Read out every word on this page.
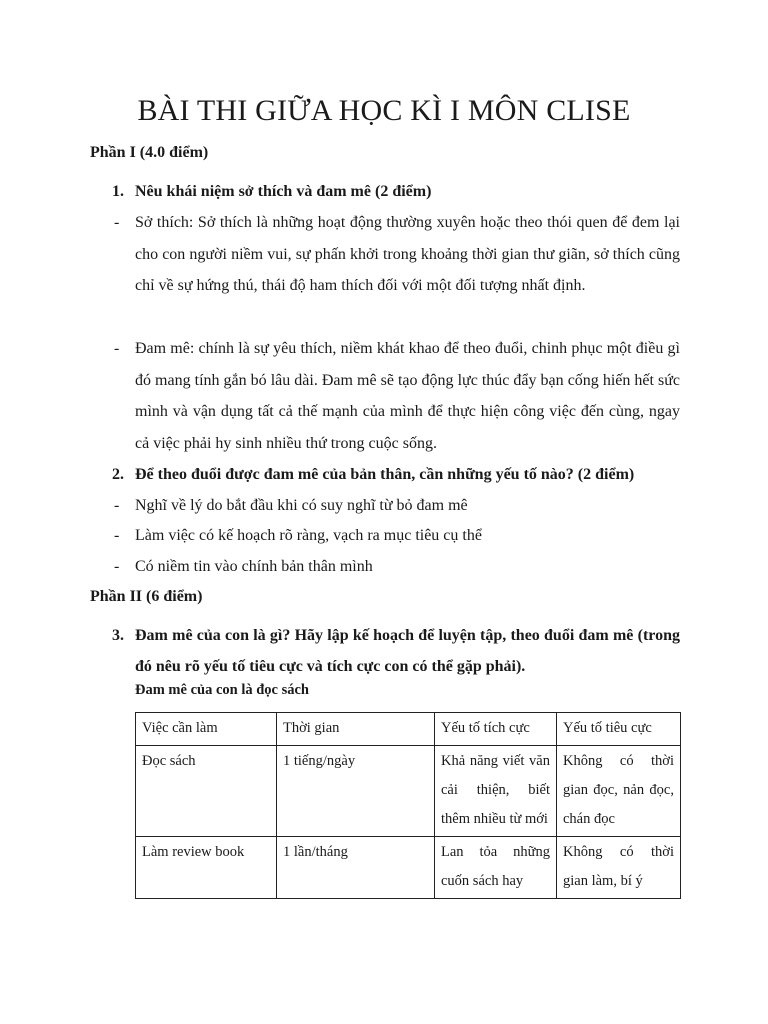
BÀI THI GIỮA HỌC KÌ I MÔN CLISE
Phần I (4.0 điểm)
1. Nêu khái niệm sở thích và đam mê (2 điểm)
- Sở thích: Sở thích là những hoạt động thường xuyên hoặc theo thói quen để đem lại cho con người niềm vui, sự phấn khởi trong khoảng thời gian thư giãn, sở thích cũng chỉ về sự hứng thú, thái độ ham thích đối với một đối tượng nhất định.
- Đam mê: chính là sự yêu thích, niềm khát khao để theo đuổi, chinh phục một điều gì đó mang tính gắn bó lâu dài. Đam mê sẽ tạo động lực thúc đẩy bạn cống hiến hết sức mình và vận dụng tất cả thế mạnh của mình để thực hiện công việc đến cùng, ngay cả việc phải hy sinh nhiều thứ trong cuộc sống.
2. Để theo đuổi được đam mê của bản thân, cần những yếu tố nào? (2 điểm)
- Nghĩ về lý do bắt đầu khi có suy nghĩ từ bỏ đam mê
- Làm việc có kế hoạch rõ ràng, vạch ra mục tiêu cụ thể
- Có niềm tin vào chính bản thân mình
Phần II (6 điểm)
3. Đam mê của con là gì? Hãy lập kế hoạch để luyện tập, theo đuổi đam mê (trong đó nêu rõ yếu tố tiêu cực và tích cực con có thể gặp phải).
Đam mê của con là đọc sách
Việc cần làm	Thời gian	Yếu tố tích cực	Yếu tố tiêu cực
Đọc sách	1 tiếng/ngày	Khả năng viết văn cải thiện, biết thêm nhiều từ mới	Không có thời gian đọc, nản đọc, chán đọc
Làm review book	1 lần/tháng	Lan tỏa những cuốn sách hay	Không có thời gian làm, bí ý
